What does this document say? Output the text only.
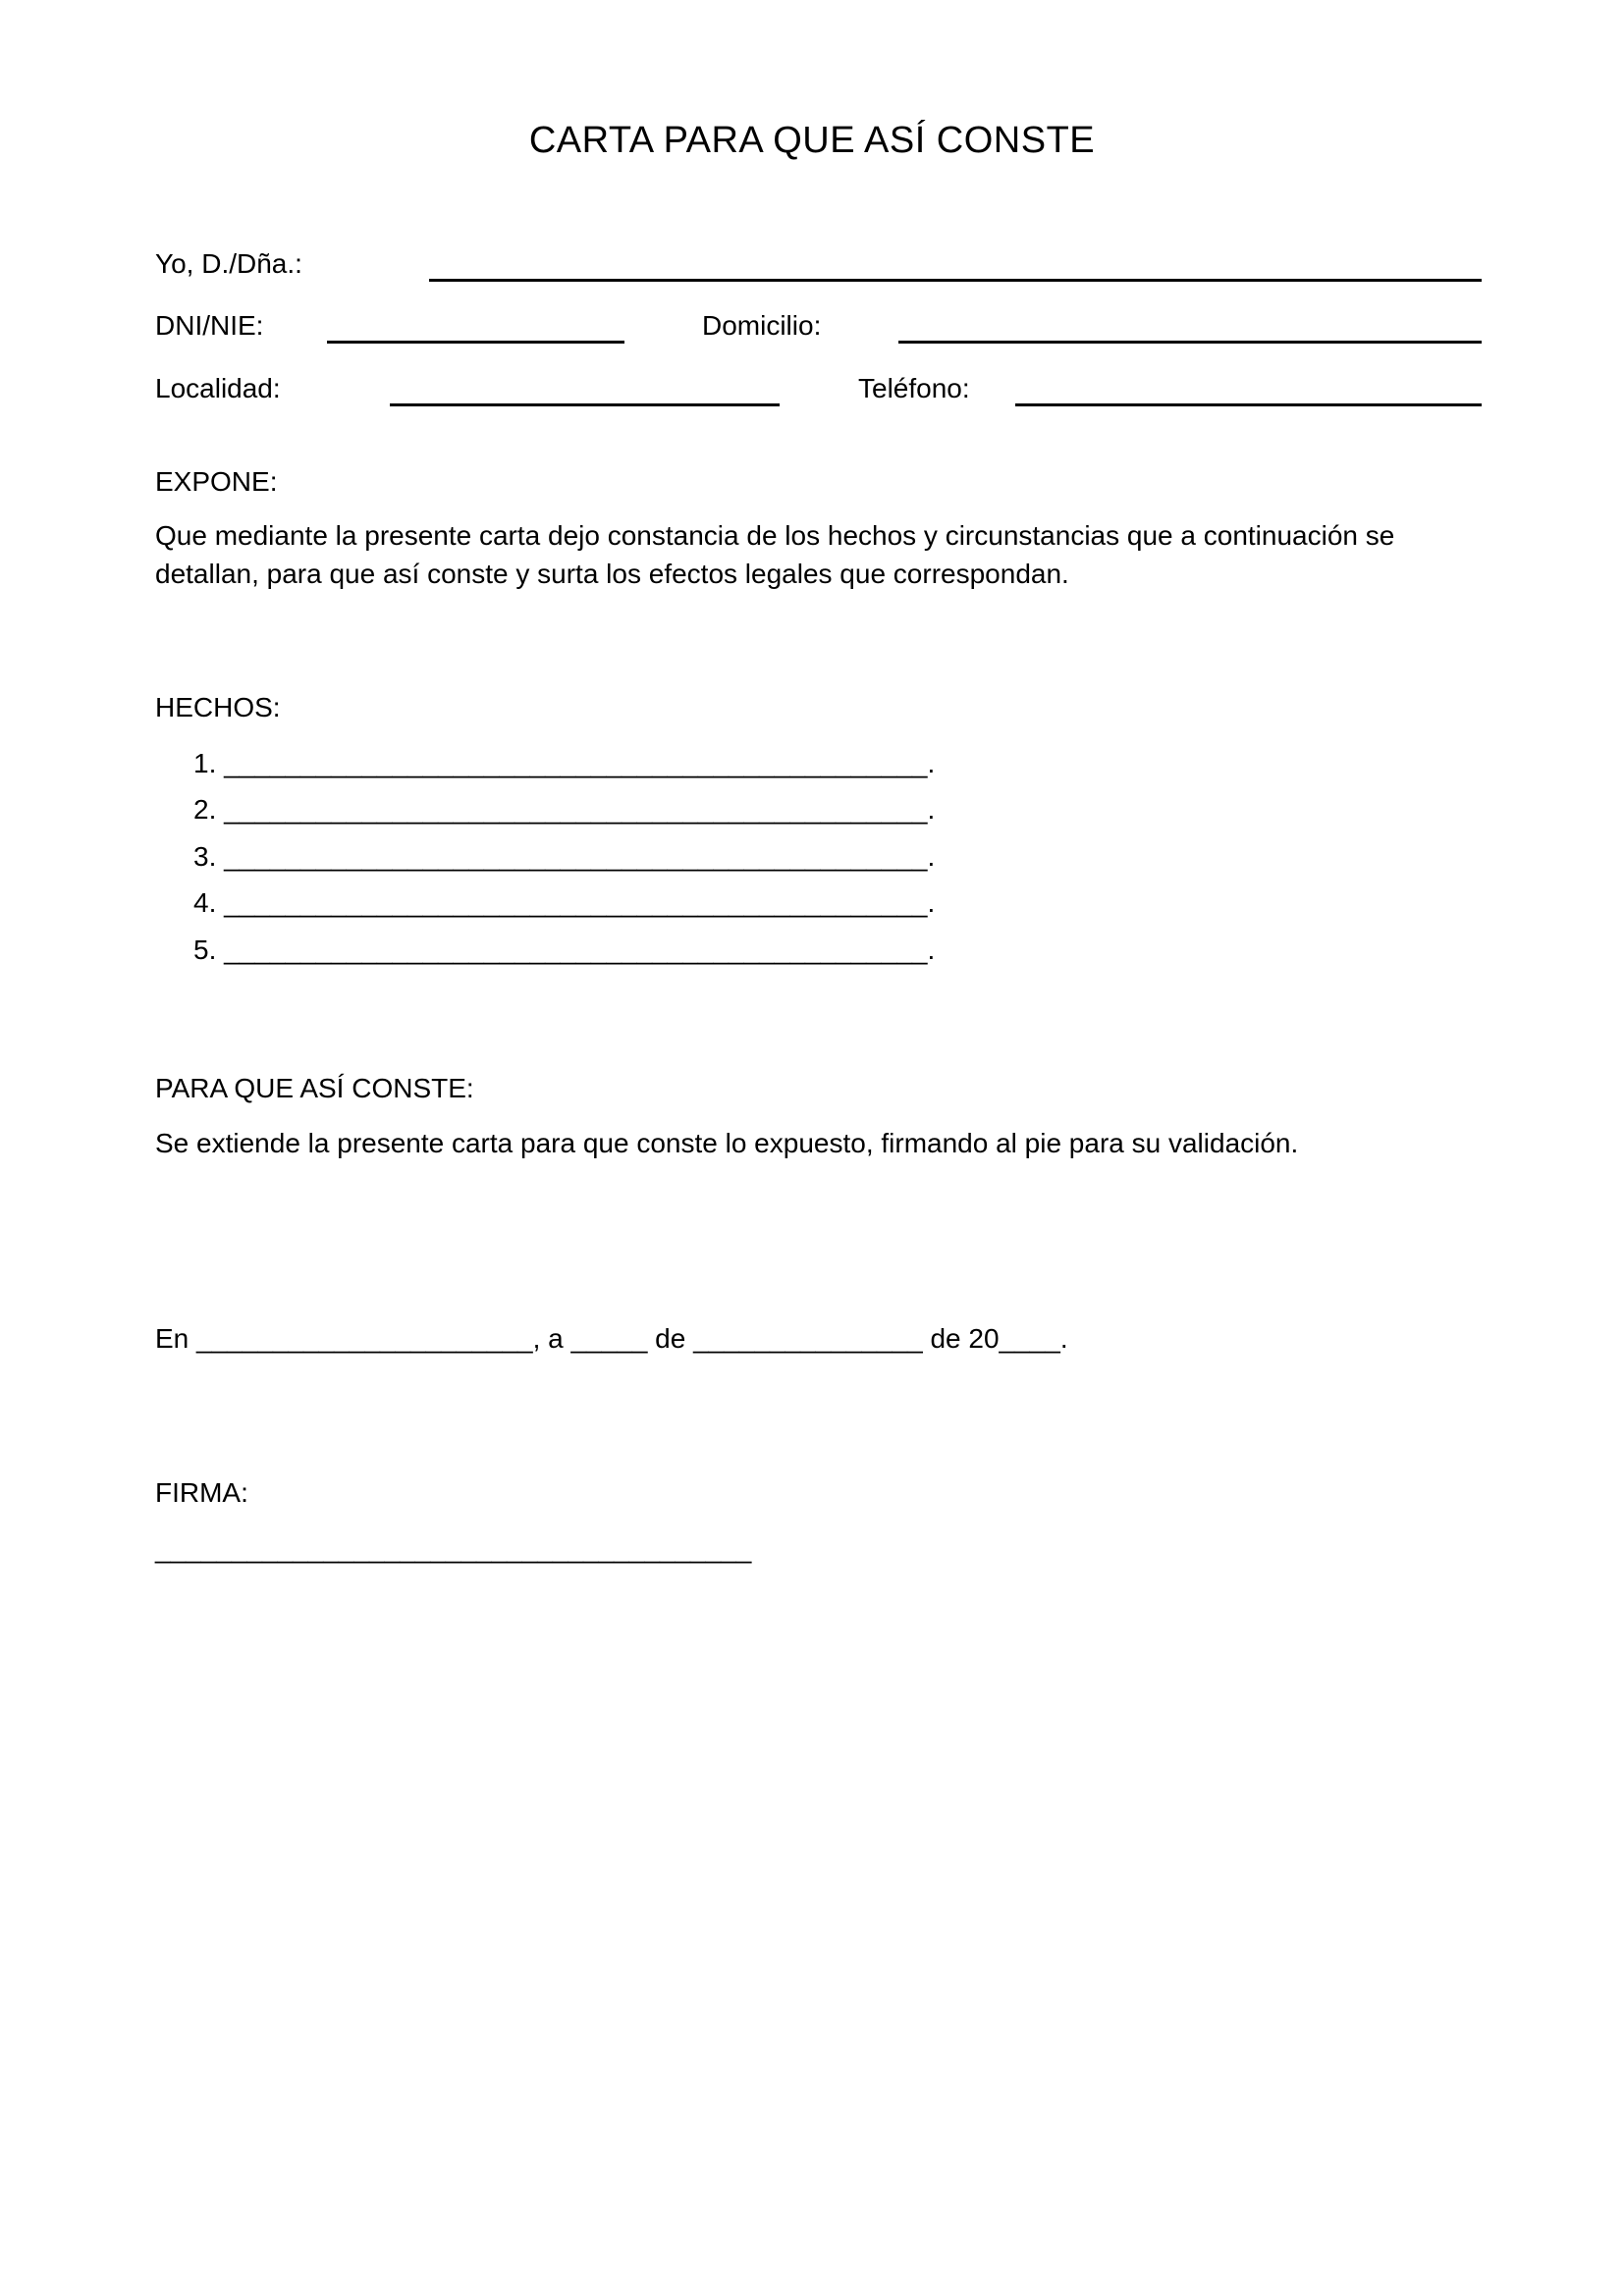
CARTA PARA QUE ASÍ CONSTE
Yo, D./Dña.:
DNI/NIE:	Domicilio:
Localidad:	Teléfono:
EXPONE:
Que mediante la presente carta dejo constancia de los hechos y circunstancias que a continuación se detallan, para que así conste y surta los efectos legales que correspondan.
HECHOS:
1. ______________________________________________.
2. ______________________________________________.
3. ______________________________________________.
4. ______________________________________________.
5. ______________________________________________.
PARA QUE ASÍ CONSTE:
Se extiende la presente carta para que conste lo expuesto, firmando al pie para su validación.
En ______________________, a _____ de _______________ de 20____.
FIRMA:
_______________________________________
